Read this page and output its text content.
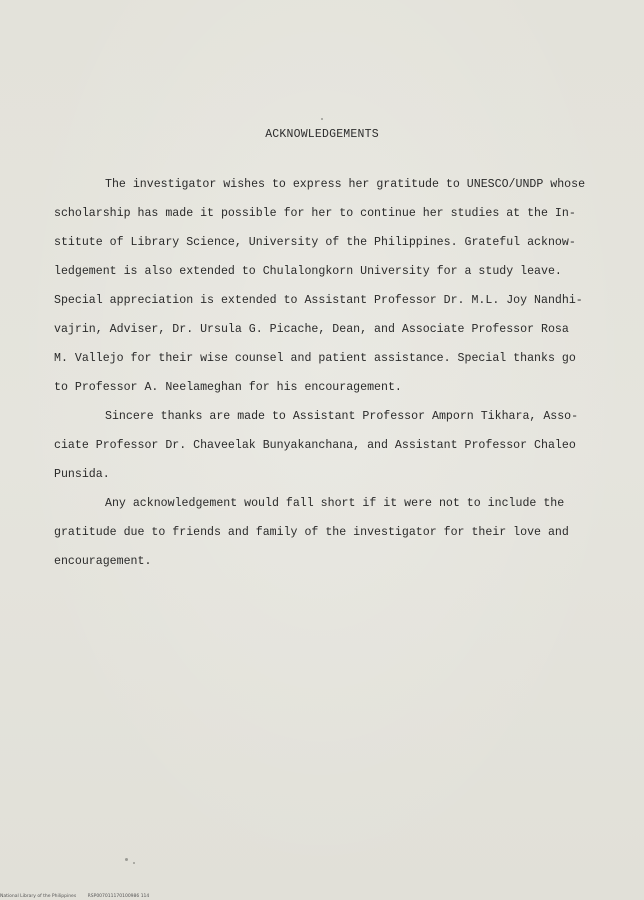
ACKNOWLEDGEMENTS

The investigator wishes to express her gratitude to UNESCO/UNDP whose
scholarship has made it possible for her to continue her studies at the In-
stitute of Library Science, University of the Philippines. Grateful acknow-
ledgement is also extended to Chulalongkorn University for a study leave.
Special appreciation is extended to Assistant Professor Dr. M.L. Joy Nandhi-
vajrin, Adviser, Dr. Ursula G. Picache, Dean, and Associate Professor Rosa
M. Vallejo for their wise counsel and patient assistance. Special thanks go
to Professor A. Neelameghan for his encouragement.

Sincere thanks are made to Assistant Professor Amporn Tikhara, Asso-
ciate Professor Dr. Chaveelak Bunyakanchana, and Assistant Professor Chaleo
Punsida.

Any acknowledgement would fall short if it were not to include the
gratitude due to friends and family of the investigator for their love and
encouragement.

National Library of the Philippines	RSP007011170100986 114
